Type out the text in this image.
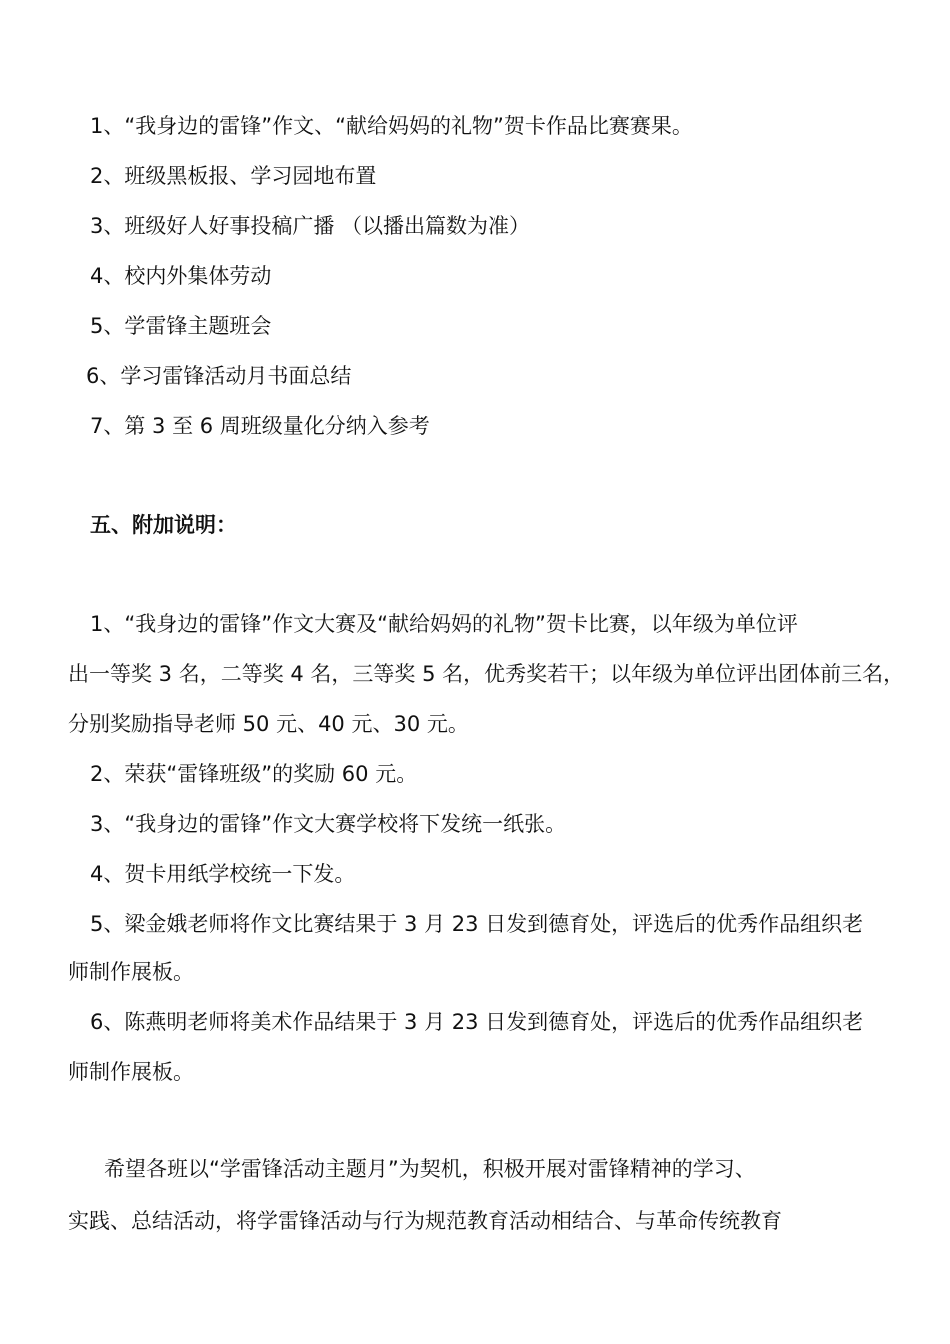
1、“我身边的雷锋”作文、“献给妈妈的礼物”贺卡作品比赛赛果。
2、班级黑板报、学习园地布置
3、班级好人好事投稿广播 （以播出篇数为准）
4、校内外集体劳动
5、学雷锋主题班会
6、学习雷锋活动月书面总结
7、第 3 至 6 周班级量化分纳入参考
五、附加说明：
1、“我身边的雷锋”作文大赛及“献给妈妈的礼物”贺卡比赛，以年级为单位评
出一等奖 3 名，二等奖 4 名，三等奖 5 名，优秀奖若干；以年级为单位评出团体前三名，
分别奖励指导老师 50 元、40 元、30 元。
2、荣获“雷锋班级”的奖励 60 元。
3、“我身边的雷锋”作文大赛学校将下发统一纸张。
4、贺卡用纸学校统一下发。
5、梁金娥老师将作文比赛结果于 3 月 23 日发到德育处，评选后的优秀作品组织老
师制作展板。
6、陈燕明老师将美术作品结果于 3 月 23 日发到德育处，评选后的优秀作品组织老
师制作展板。
希望各班以“学雷锋活动主题月”为契机，积极开展对雷锋精神的学习、
实践、总结活动，将学雷锋活动与行为规范教育活动相结合、与革命传统教育
